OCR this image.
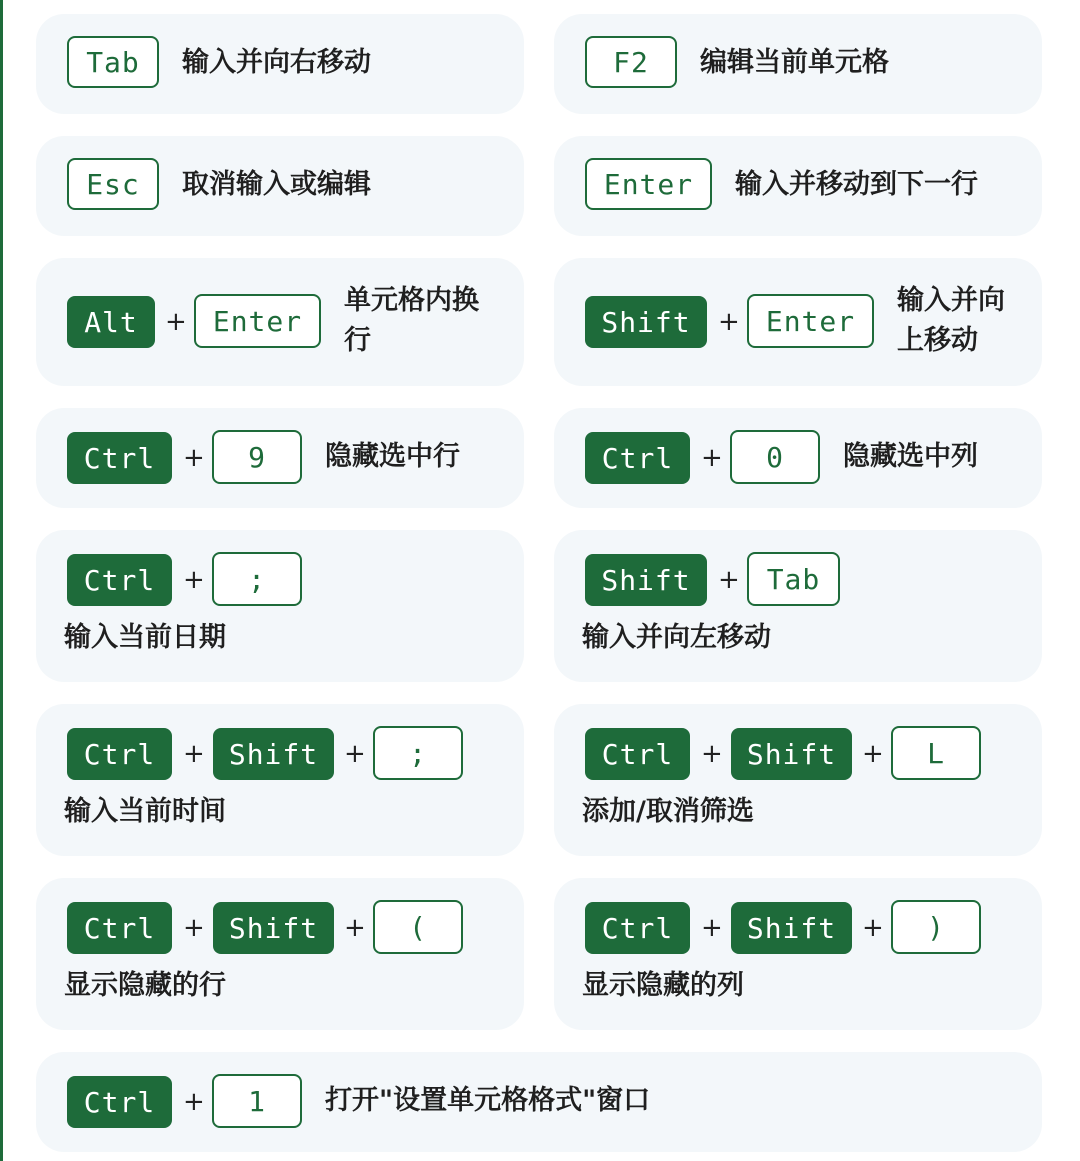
Tab	输入并向右移动	F2	编辑当前单元格
Esc	取消输入或编辑	Enter	输入并移动到下一行
Alt	+ Enter
单元格内换
行
Shift	+ Enter
输入并向
上移动
Ctrl	+	9	隐藏选中行	Ctrl	+	0	隐藏选中列
Ctrl	+	;
输入当前日期
Shift	+ Tab
输入并向左移动
Ctrl	+ Shift +	;
输入当前时间
Ctrl	+ Shift +	L
添加/取消筛选
Ctrl	+ Shift +	(
显示隐藏的行
Ctrl	+ Shift +	)
显示隐藏的列
Ctrl	+	1	打开"设置单元格格式"窗口
